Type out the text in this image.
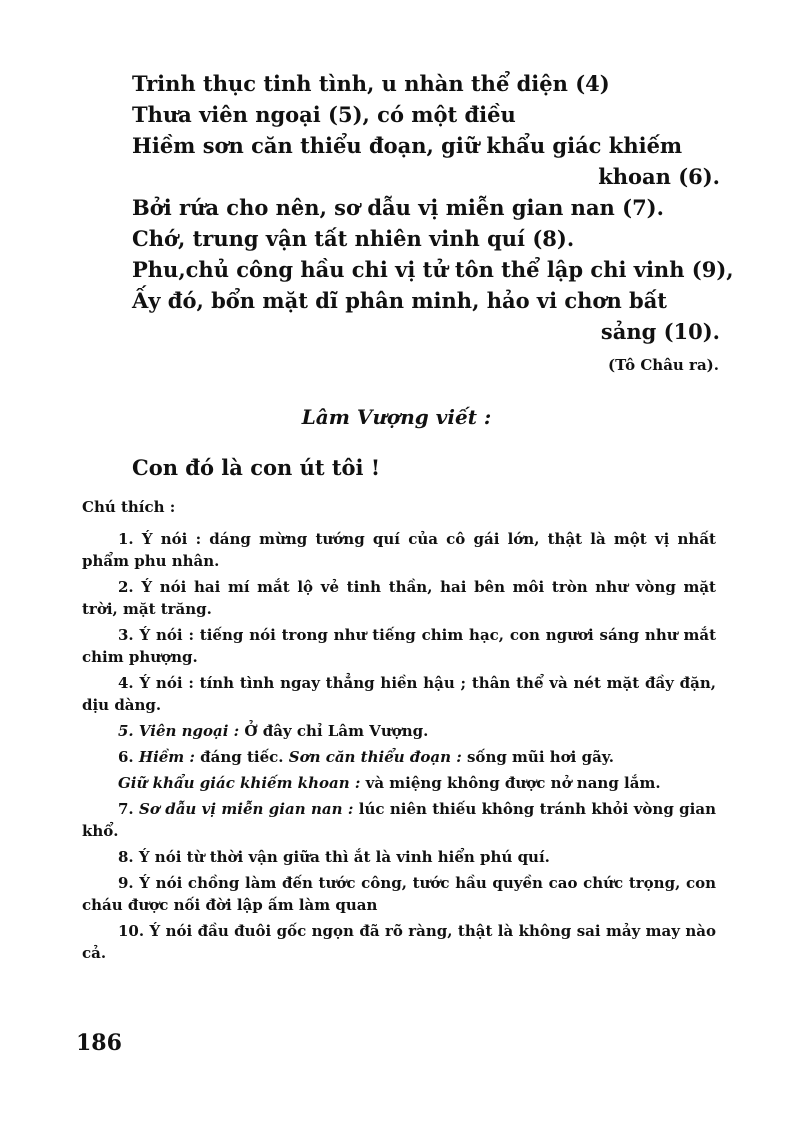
Trinh thục tinh tình, u nhàn thể diện (4)
Thưa viên ngoại (5), có một điều
Hiềm sơn căn thiểu đoạn, giữ khẩu giác khiếm
khoan (6).
Bởi rứa cho nên, sơ dẫu vị miễn gian nan (7).
Chớ, trung vận tất nhiên vinh quí (8).
Phu,chủ công hầu chi vị tử tôn thể lập chi vinh (9),
Ấy đó, bổn mặt dĩ phân minh, hảo vi chơn bất
sảng (10).
(Tô Châu ra).
Lâm Vượng viết :
Con đó là con út tôi !
Chú thích :

1. Ý nói : dáng mừng tướng quí của cô gái lớn, thật là một vị nhất phẩm phu nhân.

2. Ý nói hai mí mắt lộ vẻ tinh thần, hai bên môi tròn như vòng mặt trời, mặt trăng.

3. Ý nói : tiếng nói trong như tiếng chim hạc, con ngươi sáng như mắt chim phượng.

4. Ý nói : tính tình ngay thẳng hiền hậu ; thân thể và nét mặt đầy đặn, dịu dàng.

5. Viên ngoại : Ở đây chỉ Lâm Vượng.

6. Hiềm : đáng tiếc. Sơn căn thiểu đoạn : sống mũi hơi gãy.

Giữ khẩu giác khiếm khoan : và miệng không được nở nang lắm.

7. Sơ dẫu vị miễn gian nan : lúc niên thiếu không tránh khỏi vòng gian khổ.

8. Ý nói từ thời vận giữa thì ắt là vinh hiển phú quí.

9. Ý nói chồng làm đến tước công, tước hầu quyền cao chức trọng, con cháu được nối đời lập ấm làm quan

10. Ý nói đầu đuôi gốc ngọn đã rõ ràng, thật là không sai mảy may nào cả.

186
